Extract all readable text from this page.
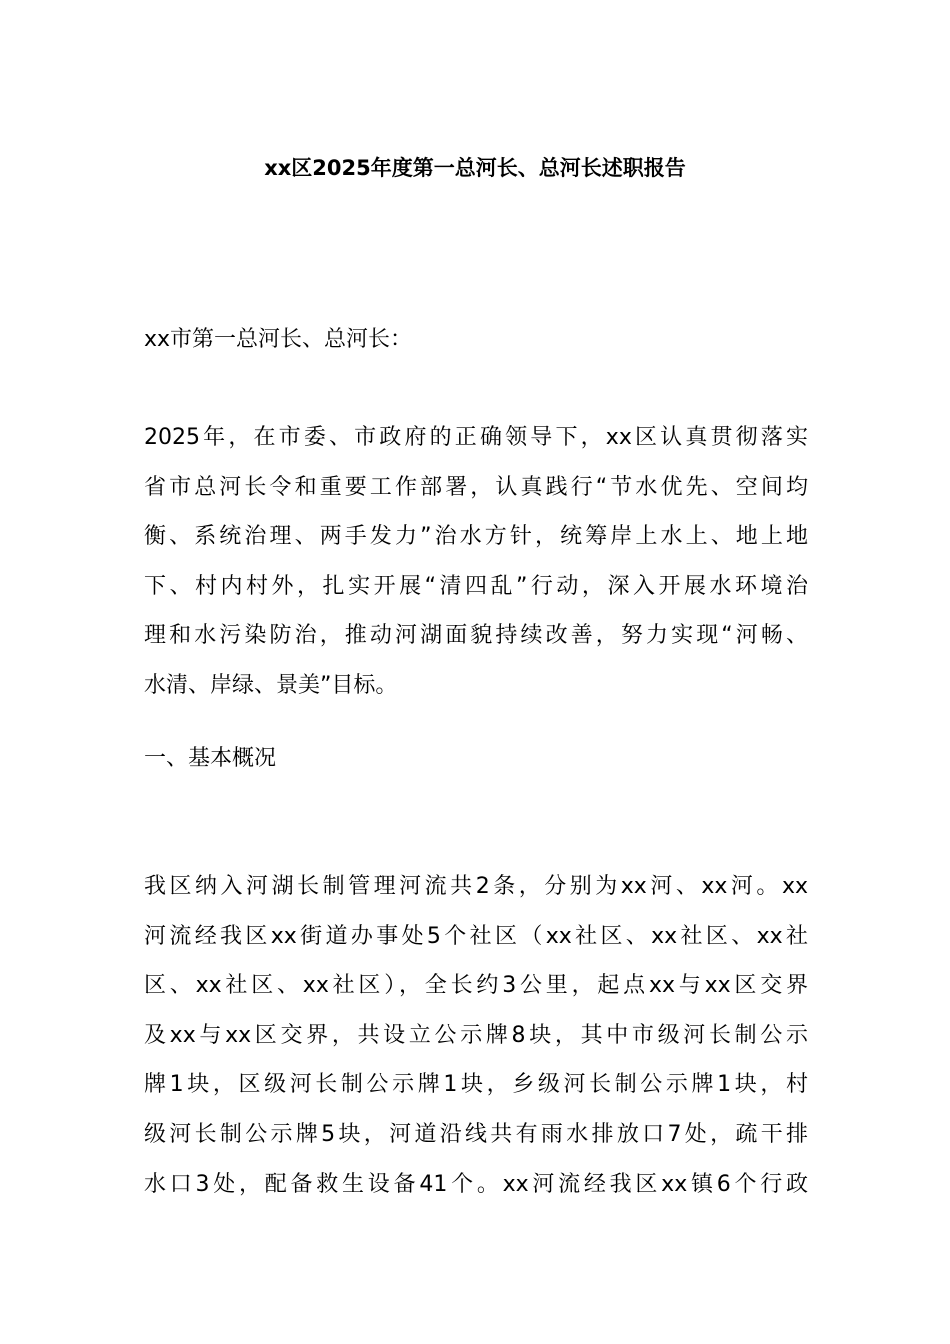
xx区2025年度第一总河长、总河长述职报告
xx市第一总河长、总河长：
2025年，在市委、市政府的正确领导下，xx区认真贯彻落实
省市总河长令和重要工作部署，认真践行“节水优先、空间均
衡、系统治理、两手发力”治水方针，统筹岸上水上、地上地
下、村内村外，扎实开展“清四乱”行动，深入开展水环境治
理和水污染防治，推动河湖面貌持续改善，努力实现“河畅、
水清、岸绿、景美”目标。
一、基本概况
我区纳入河湖长制管理河流共2条，分别为xx河、xx河。xx
河流经我区xx街道办事处5个社区（xx社区、xx社区、xx社
区、xx社区、xx社区），全长约3公里，起点xx与xx区交界
及xx与xx区交界，共设立公示牌8块，其中市级河长制公示
牌1块，区级河长制公示牌1块，乡级河长制公示牌1块，村
级河长制公示牌5块，河道沿线共有雨水排放口7处，疏干排
水口3处，配备救生设备41个。xx河流经我区xx镇6个行政
